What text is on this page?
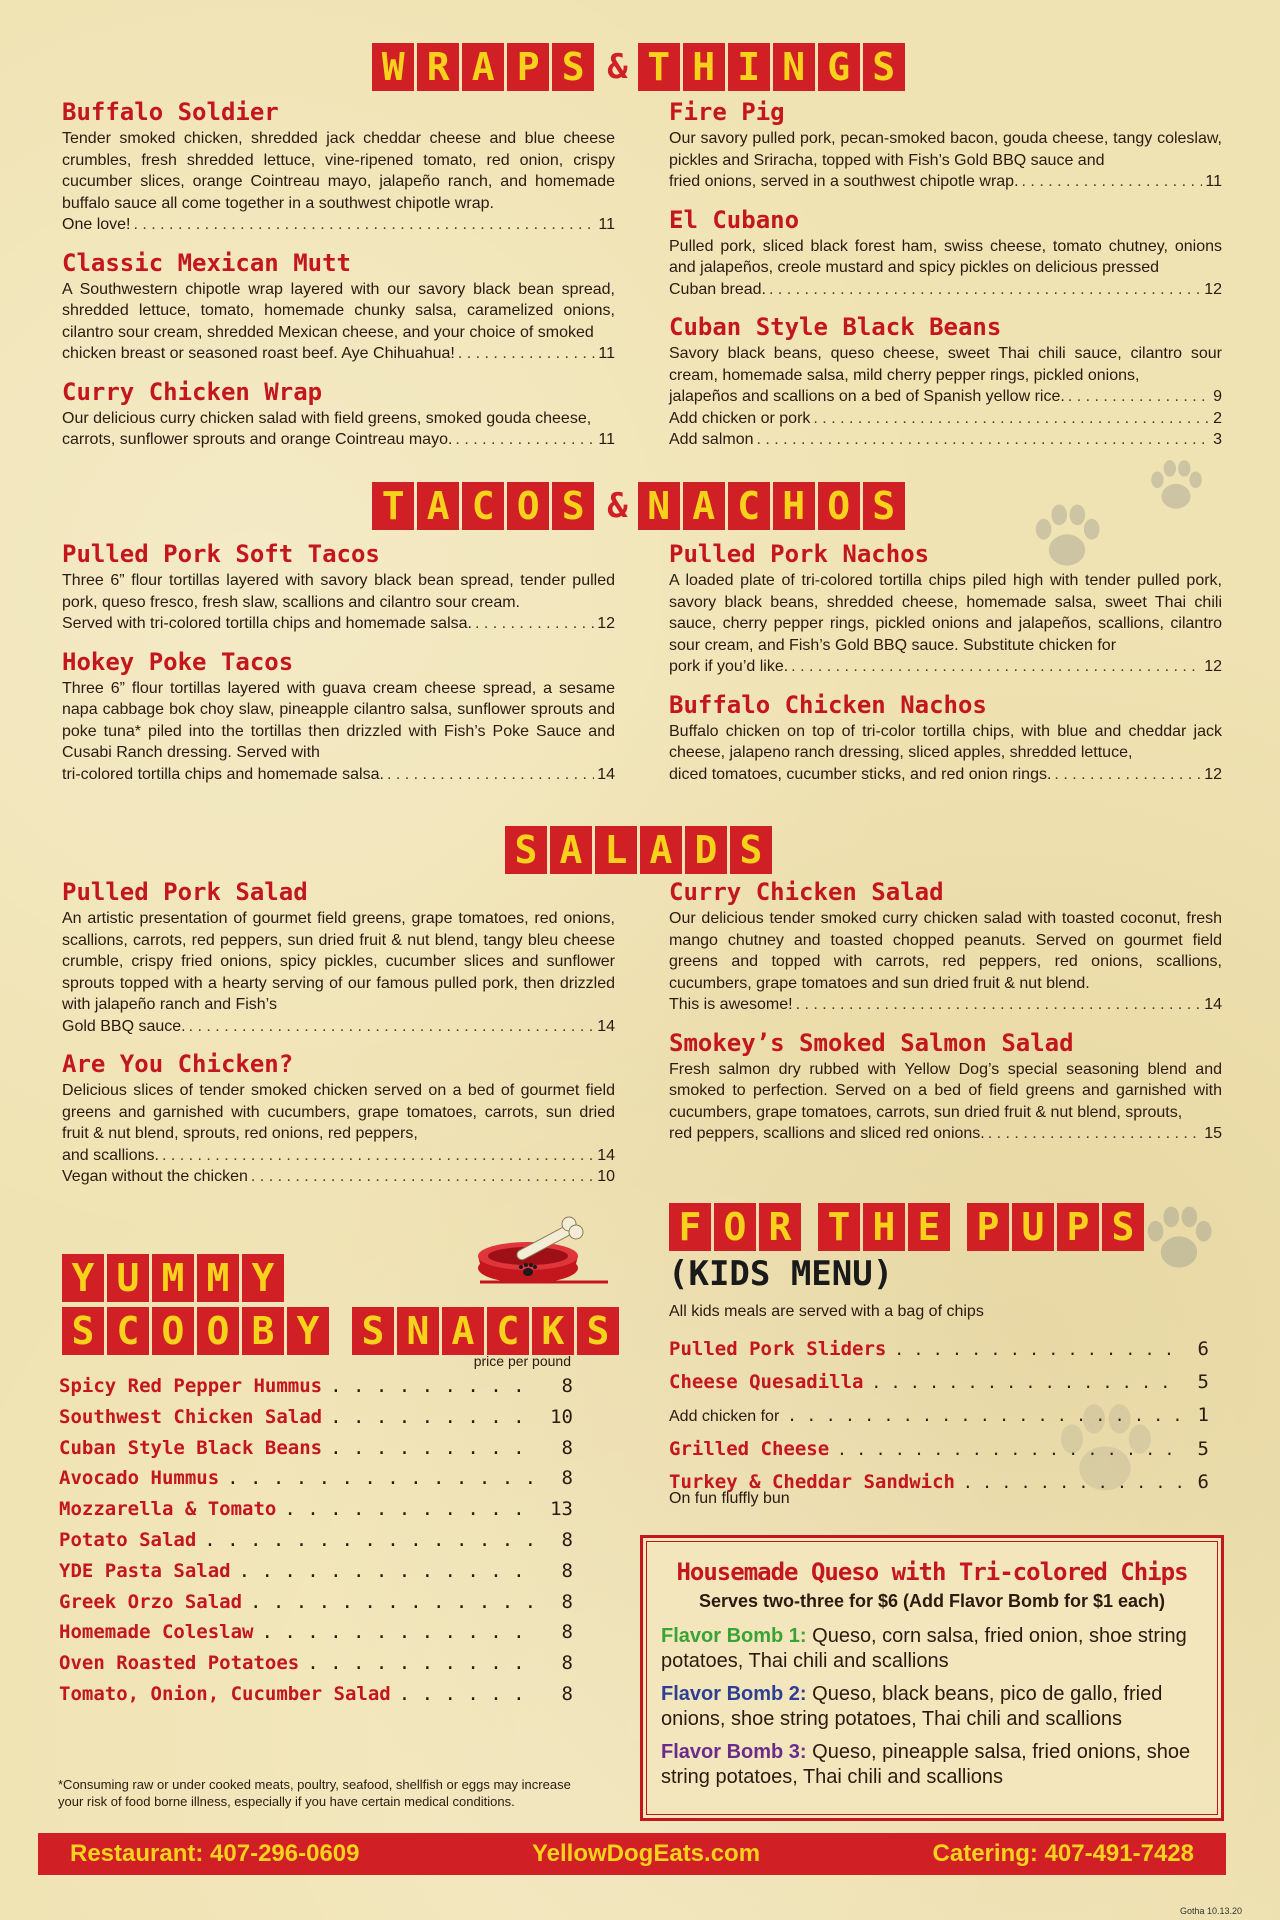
W R A P S & T H I N G S
Buffalo Soldier
Tender smoked chicken, shredded jack cheddar cheese and blue cheese crumbles, fresh shredded lettuce, vine-ripened tomato, red onion, crispy cucumber slices, orange Cointreau mayo, jalapeño ranch, and homemade buffalo sauce all come together in a southwest chipotle wrap.
One love! . . .	11
Classic Mexican Mutt
A Southwestern chipotle wrap layered with our savory black bean spread, shredded lettuce, tomato, homemade chunky salsa, caramelized onions, cilantro sour cream, shredded Mexican cheese, and your choice of smoked
chicken breast or seasoned roast beef. Aye Chihuahua! . . .	11
Curry Chicken Wrap
Our delicious curry chicken salad with field greens, smoked gouda cheese,
carrots, sunflower sprouts and orange Cointreau mayo. . . .	11
Fire Pig
Our savory pulled pork, pecan-smoked bacon, gouda cheese, tangy coleslaw, pickles and Sriracha, topped with Fish’s Gold BBQ sauce and
fried onions, served in a southwest chipotle wrap. . . .	11
El Cubano
Pulled pork, sliced black forest ham, swiss cheese, tomato chutney, onions and jalapeños, creole mustard and spicy pickles on delicious pressed
Cuban bread. . . .	12
Cuban Style Black Beans
Savory black beans, queso cheese, sweet Thai chili sauce, cilantro sour cream, homemade salsa, mild cherry pepper rings, pickled onions,
jalapeños and scallions on a bed of Spanish yellow rice. . . .	9
Add chicken or pork . . .	2
Add salmon . . .	3
T A C O S & N A C H O S
Pulled Pork Soft Tacos
Three 6” flour tortillas layered with savory black bean spread, tender pulled pork, queso fresco, fresh slaw, scallions and cilantro sour cream.
Served with tri-colored tortilla chips and homemade salsa. . . .	12
Hokey Poke Tacos
Three 6” flour tortillas layered with guava cream cheese spread, a sesame napa cabbage bok choy slaw, pineapple cilantro salsa, sunflower sprouts and poke tuna* piled into the tortillas then drizzled with Fish’s Poke Sauce and Cusabi Ranch dressing. Served with
tri-colored tortilla chips and homemade salsa. . . .	14
Pulled Pork Nachos
A loaded plate of tri-colored tortilla chips piled high with tender pulled pork, savory black beans, shredded cheese, homemade salsa, sweet Thai chili sauce, cherry pepper rings, pickled onions and jalapeños, scallions, cilantro sour cream, and Fish’s Gold BBQ sauce. Substitute chicken for
pork if you’d like. . . .	12
Buffalo Chicken Nachos
Buffalo chicken on top of tri-color tortilla chips, with blue and cheddar jack cheese, jalapeno ranch dressing, sliced apples, shredded lettuce,
diced tomatoes, cucumber sticks, and red onion rings. . . .	12
S A L A D S
Pulled Pork Salad
An artistic presentation of gourmet field greens, grape tomatoes, red onions, scallions, carrots, red peppers, sun dried fruit & nut blend, tangy bleu cheese crumble, crispy fried onions, spicy pickles, cucumber slices and sunflower sprouts topped with a hearty serving of our famous pulled pork, then drizzled with jalapeño ranch and Fish’s
Gold BBQ sauce. . . .	14
Are You Chicken?
Delicious slices of tender smoked chicken served on a bed of gourmet field greens and garnished with cucumbers, grape tomatoes, carrots, sun dried fruit & nut blend, sprouts, red onions, red peppers,
and scallions. . . .	14
Vegan without the chicken . . .	10
Curry Chicken Salad
Our delicious tender smoked curry chicken salad with toasted coconut, fresh mango chutney and toasted chopped peanuts. Served on gourmet field greens and topped with carrots, red peppers, red onions, scallions, cucumbers, grape tomatoes and sun dried fruit & nut blend.
This is awesome! . . .	14
Smokey’s Smoked Salmon Salad
Fresh salmon dry rubbed with Yellow Dog’s special seasoning blend and smoked to perfection. Served on a bed of field greens and garnished with cucumbers, grape tomatoes, carrots, sun dried fruit & nut blend, sprouts,
red peppers, scallions and sliced red onions. . . .	15
Y U M M Y
S C O O B Y S N A C K S
price per pound
Spicy Red Pepper Hummus . . .	8
Southwest Chicken Salad . . .	10
Cuban Style Black Beans . . .	8
Avocado Hummus . . .	8
Mozzarella & Tomato . . .	13
Potato Salad . . .	8
YDE Pasta Salad . . .	8
Greek Orzo Salad . . .	8
Homemade Coleslaw . . .	8
Oven Roasted Potatoes . . .	8
Tomato, Onion, Cucumber Salad . . .	8
*Consuming raw or under cooked meats, poultry, seafood, shellfish or eggs may increase your risk of food borne illness, especially if you have certain medical conditions.
F O R T H E P U P S
(KIDS MENU)
All kids meals are served with a bag of chips
Pulled Pork Sliders . . .	6
Cheese Quesadilla . . .	5
Add chicken for . . .	1
Grilled Cheese . . .	5
Turkey & Cheddar Sandwich . . .	6
On fun fluffly bun
Housemade Queso with Tri-colored Chips
Serves two-three for $6 (Add Flavor Bomb for $1 each)
Flavor Bomb 1: Queso, corn salsa, fried onion, shoe string potatoes, Thai chili and scallions
Flavor Bomb 2: Queso, black beans, pico de gallo, fried onions, shoe string potatoes, Thai chili and scallions
Flavor Bomb 3: Queso, pineapple salsa, fried onions, shoe string potatoes, Thai chili and scallions
Restaurant: 407-296-0609	YellowDogEats.com	Catering: 407-491-7428
Gotha 10.13.20
